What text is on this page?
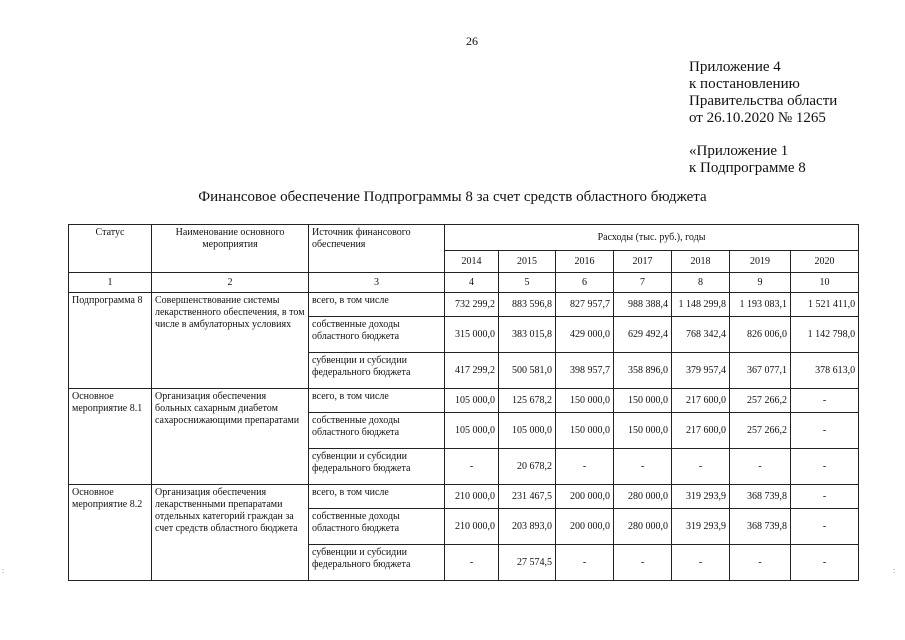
26
Приложение 4
к постановлению
Правительства области
от 26.10.2020 № 1265
«Приложение 1
к Подпрограмме 8
Финансовое обеспечение Подпрограммы 8 за счет средств областного бюджета
Статус	Наименование основного мероприятия	Источник финансового обеспечения	Расходы (тыс. руб.), годы						
			2014	2015	2016	2017	2018	2019	2020
1	2	3	4	5	6	7	8	9	10
Подпрограмма 8	Совершенствование системы лекарственного обеспечения, в том числе в амбулаторных условиях	всего, в том числе	732 299,2	883 596,8	827 957,7	988 388,4	1 148 299,8	1 193 083,1	1 521 411,0
		собственные доходы областного бюджета	315 000,0	383 015,8	429 000,0	629 492,4	768 342,4	826 006,0	1 142 798,0
		субвенции и субсидии федерального бюджета	417 299,2	500 581,0	398 957,7	358 896,0	379 957,4	367 077,1	378 613,0
Основное мероприятие 8.1	Организация обеспечения больных сахарным диабетом сахароснижающими препаратами	всего, в том числе	105 000,0	125 678,2	150 000,0	150 000,0	217 600,0	257 266,2	-
		собственные доходы областного бюджета	105 000,0	105 000,0	150 000,0	150 000,0	217 600,0	257 266,2	-
		субвенции и субсидии федерального бюджета	-	20 678,2	-	-	-	-	-
Основное мероприятие 8.2	Организация обеспечения лекарственными препаратами отдельных категорий граждан за счет средств областного бюджета	всего, в том числе	210 000,0	231 467,5	200 000,0	280 000,0	319 293,9	368 739,8	-
		собственные доходы областного бюджета	210 000,0	203 893,0	200 000,0	280 000,0	319 293,9	368 739,8	-
		субвенции и субсидии федерального бюджета	-	27 574,5	-	-	-	-	-
:	:
